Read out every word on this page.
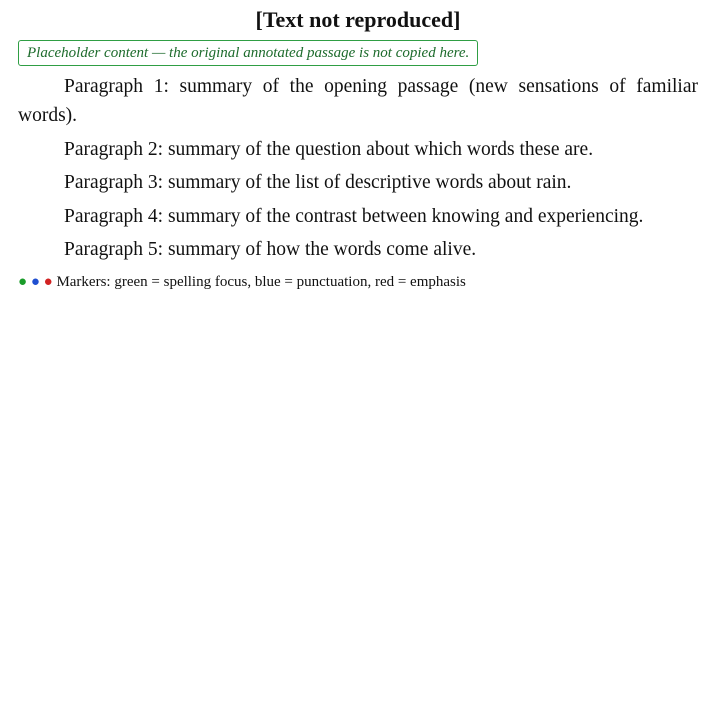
[Text not reproduced]
Placeholder content — the original annotated passage is not copied here.

Paragraph 1: summary of the opening passage (new sensations of familiar words).

Paragraph 2: summary of the question about which words these are.

Paragraph 3: summary of the list of descriptive words about rain.

Paragraph 4: summary of the contrast between knowing and experiencing.

Paragraph 5: summary of how the words come alive.

● ● ● Markers: green = spelling focus, blue = punctuation, red = emphasis
